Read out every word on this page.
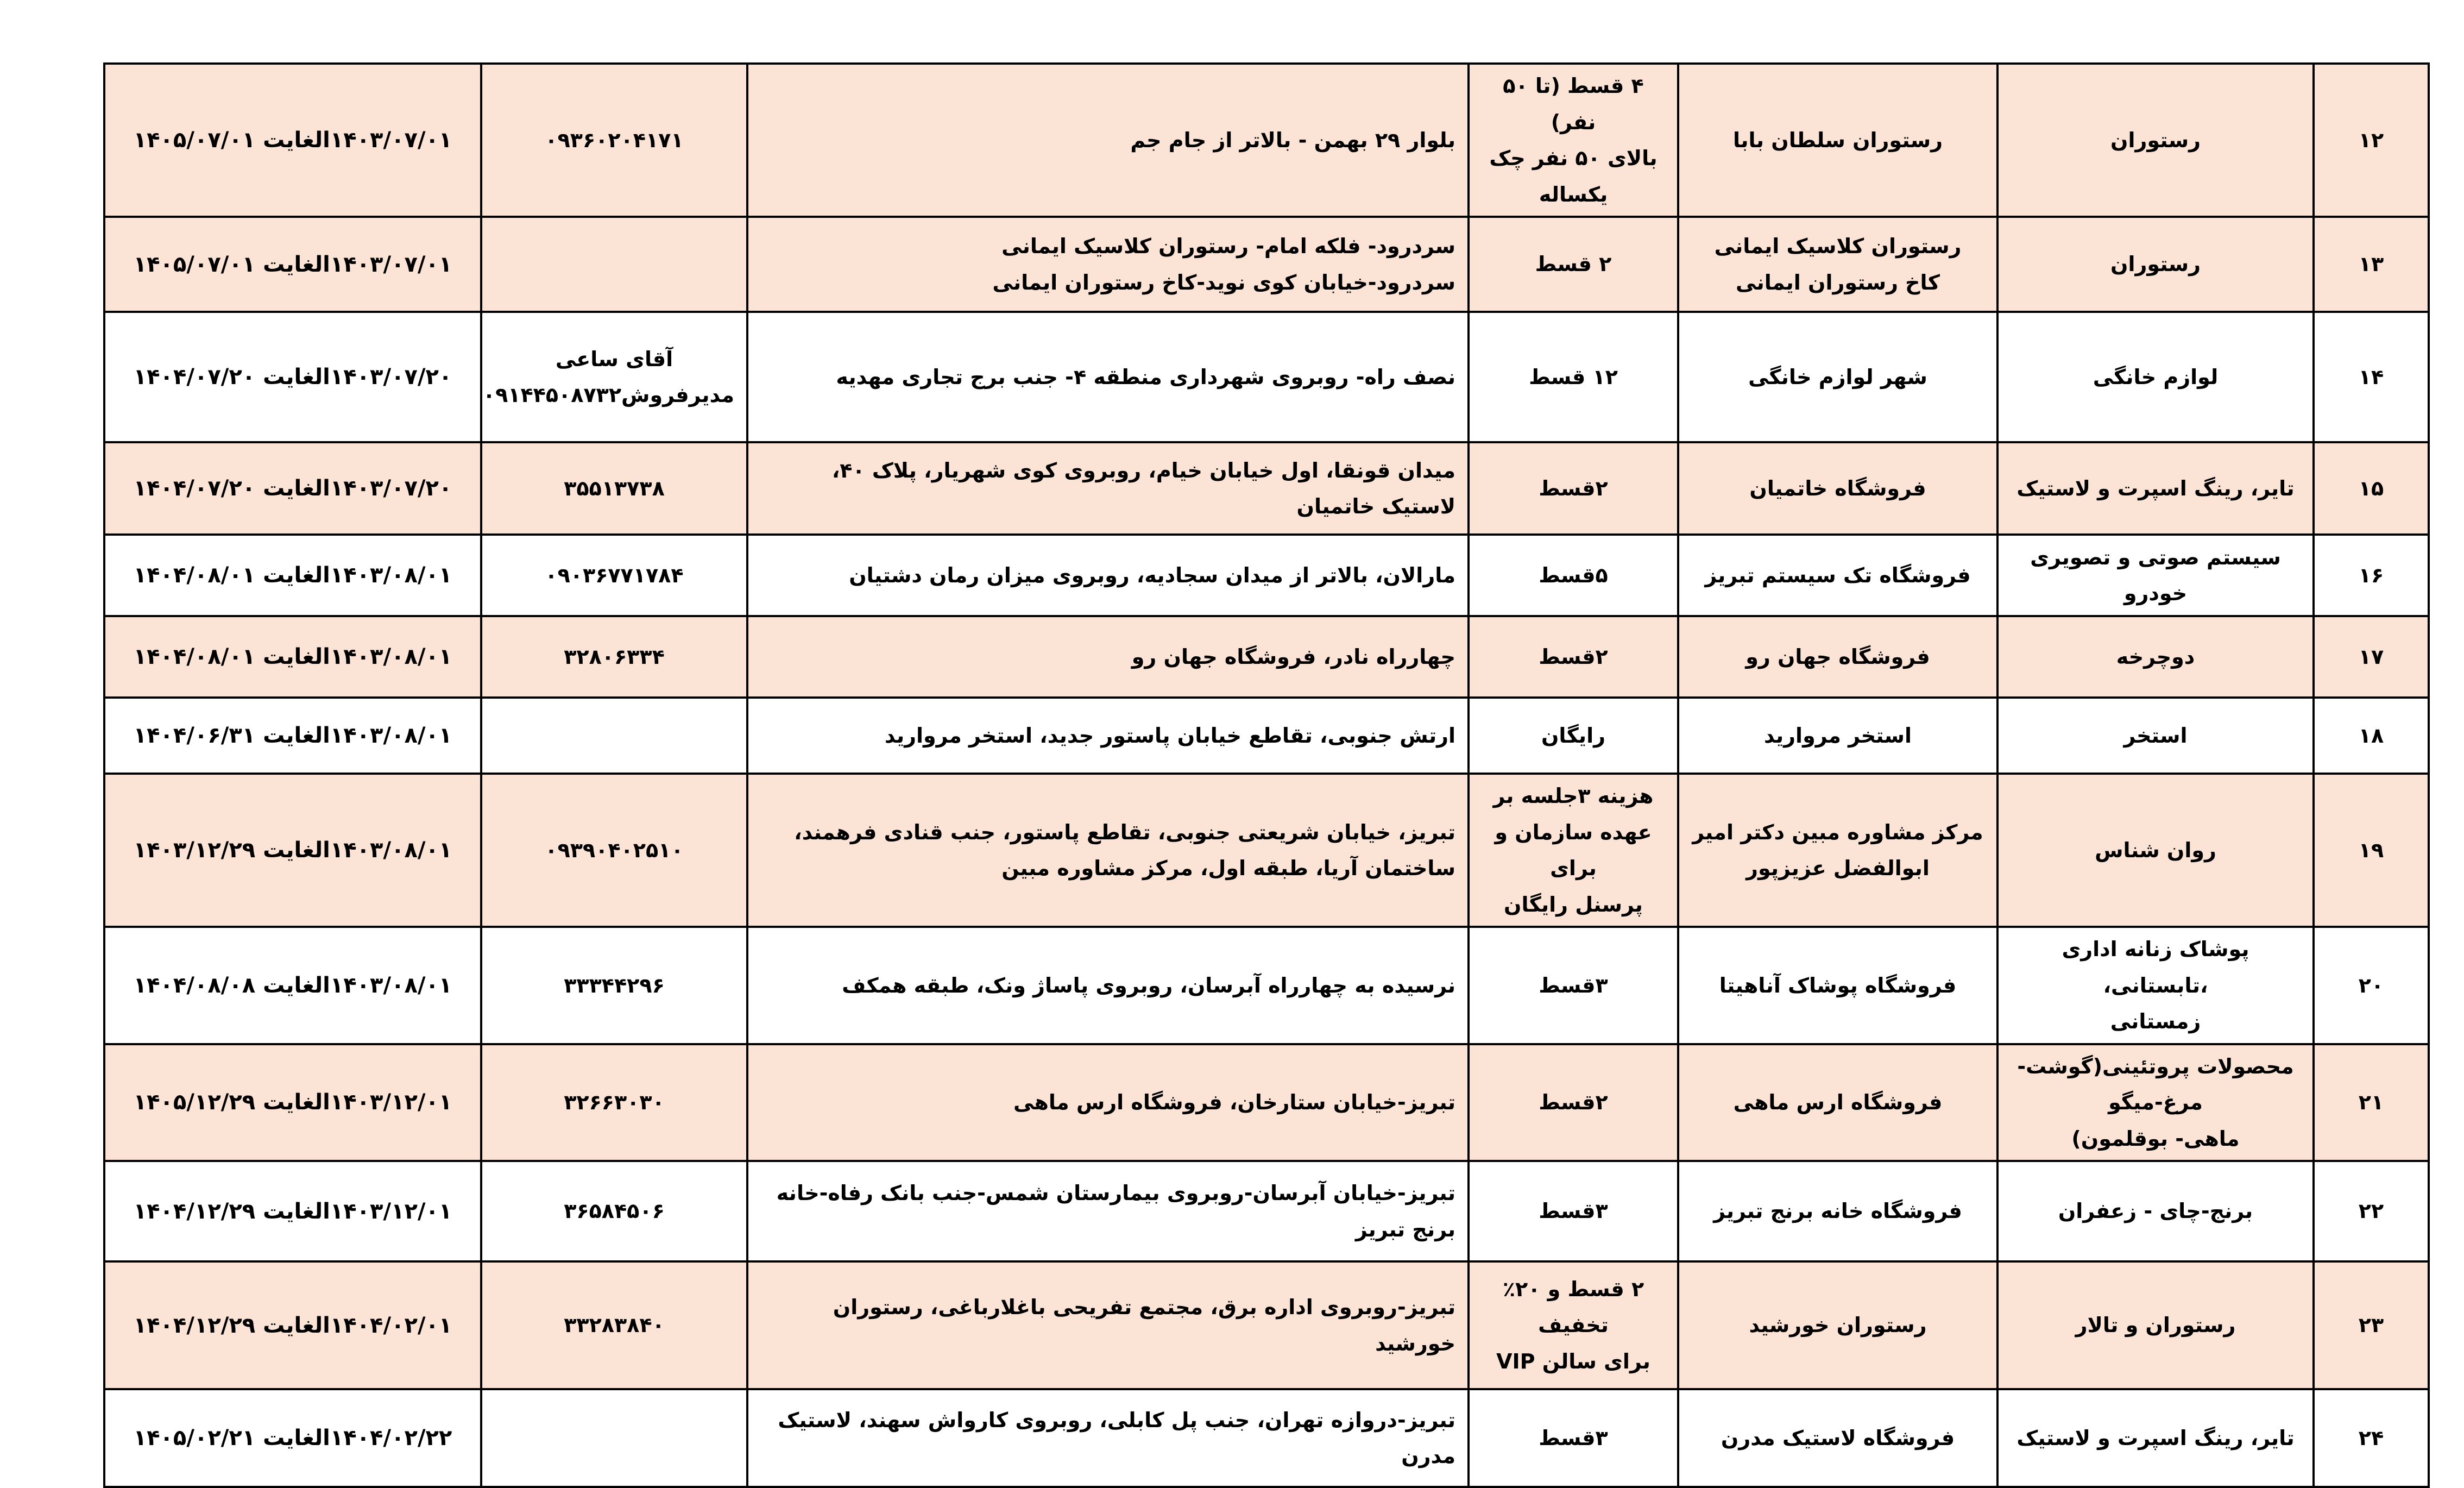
۱۲	رستوران	رستوران سلطان بابا	۴ قسط (تا ۵۰ نفر)
بالای ۵۰ نفر چک
یکساله	بلوار ۲۹ بهمن - بالاتر از جام جم	۰۹۳۶۰۲۰۴۱۷۱	۱۴۰۳/۰۷/۰۱الغایت ۱۴۰۵/۰۷/۰۱
۱۳	رستوران	رستوران کلاسیک ایمانی
کاخ رستوران ایمانی	۲ قسط	سردرود- فلکه امام- رستوران کلاسیک ایمانی
سردرود-خیابان کوی نوید-کاخ رستوران ایمانی		۱۴۰۳/۰۷/۰۱الغایت ۱۴۰۵/۰۷/۰۱
۱۴	لوازم خانگی	شهر لوازم خانگی	۱۲ قسط	نصف راه- روبروی شهرداری منطقه ۴- جنب برج تجاری مهدیه	آقای ساعی
مدیرفروش۰۹۱۴۴۵۰۸۷۳۲	۱۴۰۳/۰۷/۲۰الغایت ۱۴۰۴/۰۷/۲۰
۱۵	تایر، رینگ اسپرت و لاستیک	فروشگاه خاتمیان	۲قسط	میدان قونقا، اول خیابان خیام، روبروی کوی شهریار، پلاک ۴۰، لاستیک خاتمیان	۳۵۵۱۳۷۳۸	۱۴۰۳/۰۷/۲۰الغایت ۱۴۰۴/۰۷/۲۰
۱۶	سیستم صوتی و تصویری خودرو	فروشگاه تک سیستم تبریز	۵قسط	مارالان، بالاتر از میدان سجادیه، روبروی میزان رمان دشتیان	۰۹۰۳۶۷۷۱۷۸۴	۱۴۰۳/۰۸/۰۱الغایت ۱۴۰۴/۰۸/۰۱
۱۷	دوچرخه	فروشگاه جهان رو	۲قسط	چهارراه نادر، فروشگاه جهان رو	۳۲۸۰۶۳۳۴	۱۴۰۳/۰۸/۰۱الغایت ۱۴۰۴/۰۸/۰۱
۱۸	استخر	استخر مروارید	رایگان	ارتش جنوبی، تقاطع خیابان پاستور جدید، استخر مروارید		۱۴۰۳/۰۸/۰۱الغایت ۱۴۰۴/۰۶/۳۱
۱۹	روان شناس	مرکز مشاوره مبین دکتر امیر
ابوالفضل عزیزپور	هزینه ۳جلسه بر
عهده سازمان و برای
پرسنل رایگان	تبریز، خیابان شریعتی جنوبی، تقاطع پاستور، جنب قنادی فرهمند،
ساختمان آریا، طبقه اول، مرکز مشاوره مبین	۰۹۳۹۰۴۰۲۵۱۰	۱۴۰۳/۰۸/۰۱الغایت ۱۴۰۳/۱۲/۲۹
۲۰	پوشاک زنانه اداری ،تابستانی،
زمستانی	فروشگاه پوشاک آناهیتا	۳قسط	نرسیده به چهارراه آبرسان، روبروی پاساژ ونک، طبقه همکف	۳۳۳۴۴۲۹۶	۱۴۰۳/۰۸/۰۱الغایت ۱۴۰۴/۰۸/۰۸
۲۱	محصولات پروتئینی(گوشت-مرغ-میگو
ماهی- بوقلمون)	فروشگاه ارس ماهی	۲قسط	تبریز-خیابان ستارخان، فروشگاه ارس ماهی	۳۲۶۶۳۰۳۰	۱۴۰۳/۱۲/۰۱الغایت ۱۴۰۵/۱۲/۲۹
۲۲	برنج-چای - زعفران	فروشگاه خانه برنج تبریز	۳قسط	تبریز-خیابان آبرسان-روبروی بیمارستان شمس-جنب بانک رفاه-خانه
برنج تبریز	۳۶۵۸۴۵۰۶	۱۴۰۳/۱۲/۰۱الغایت ۱۴۰۴/۱۲/۲۹
۲۳	رستوران و تالار	رستوران خورشید	۲ قسط و ۲۰٪ تخفیف
برای سالن VIP	تبریز-روبروی اداره برق، مجتمع تفریحی باغلارباغی، رستوران خورشید	۳۳۲۸۳۸۴۰	۱۴۰۴/۰۲/۰۱الغایت ۱۴۰۴/۱۲/۲۹
۲۴	تایر، رینگ اسپرت و لاستیک	فروشگاه لاستیک مدرن	۳قسط	تبریز-دروازه تهران، جنب پل کابلی، روبروی کارواش سهند، لاستیک
مدرن		۱۴۰۴/۰۲/۲۲الغایت ۱۴۰۵/۰۲/۲۱
